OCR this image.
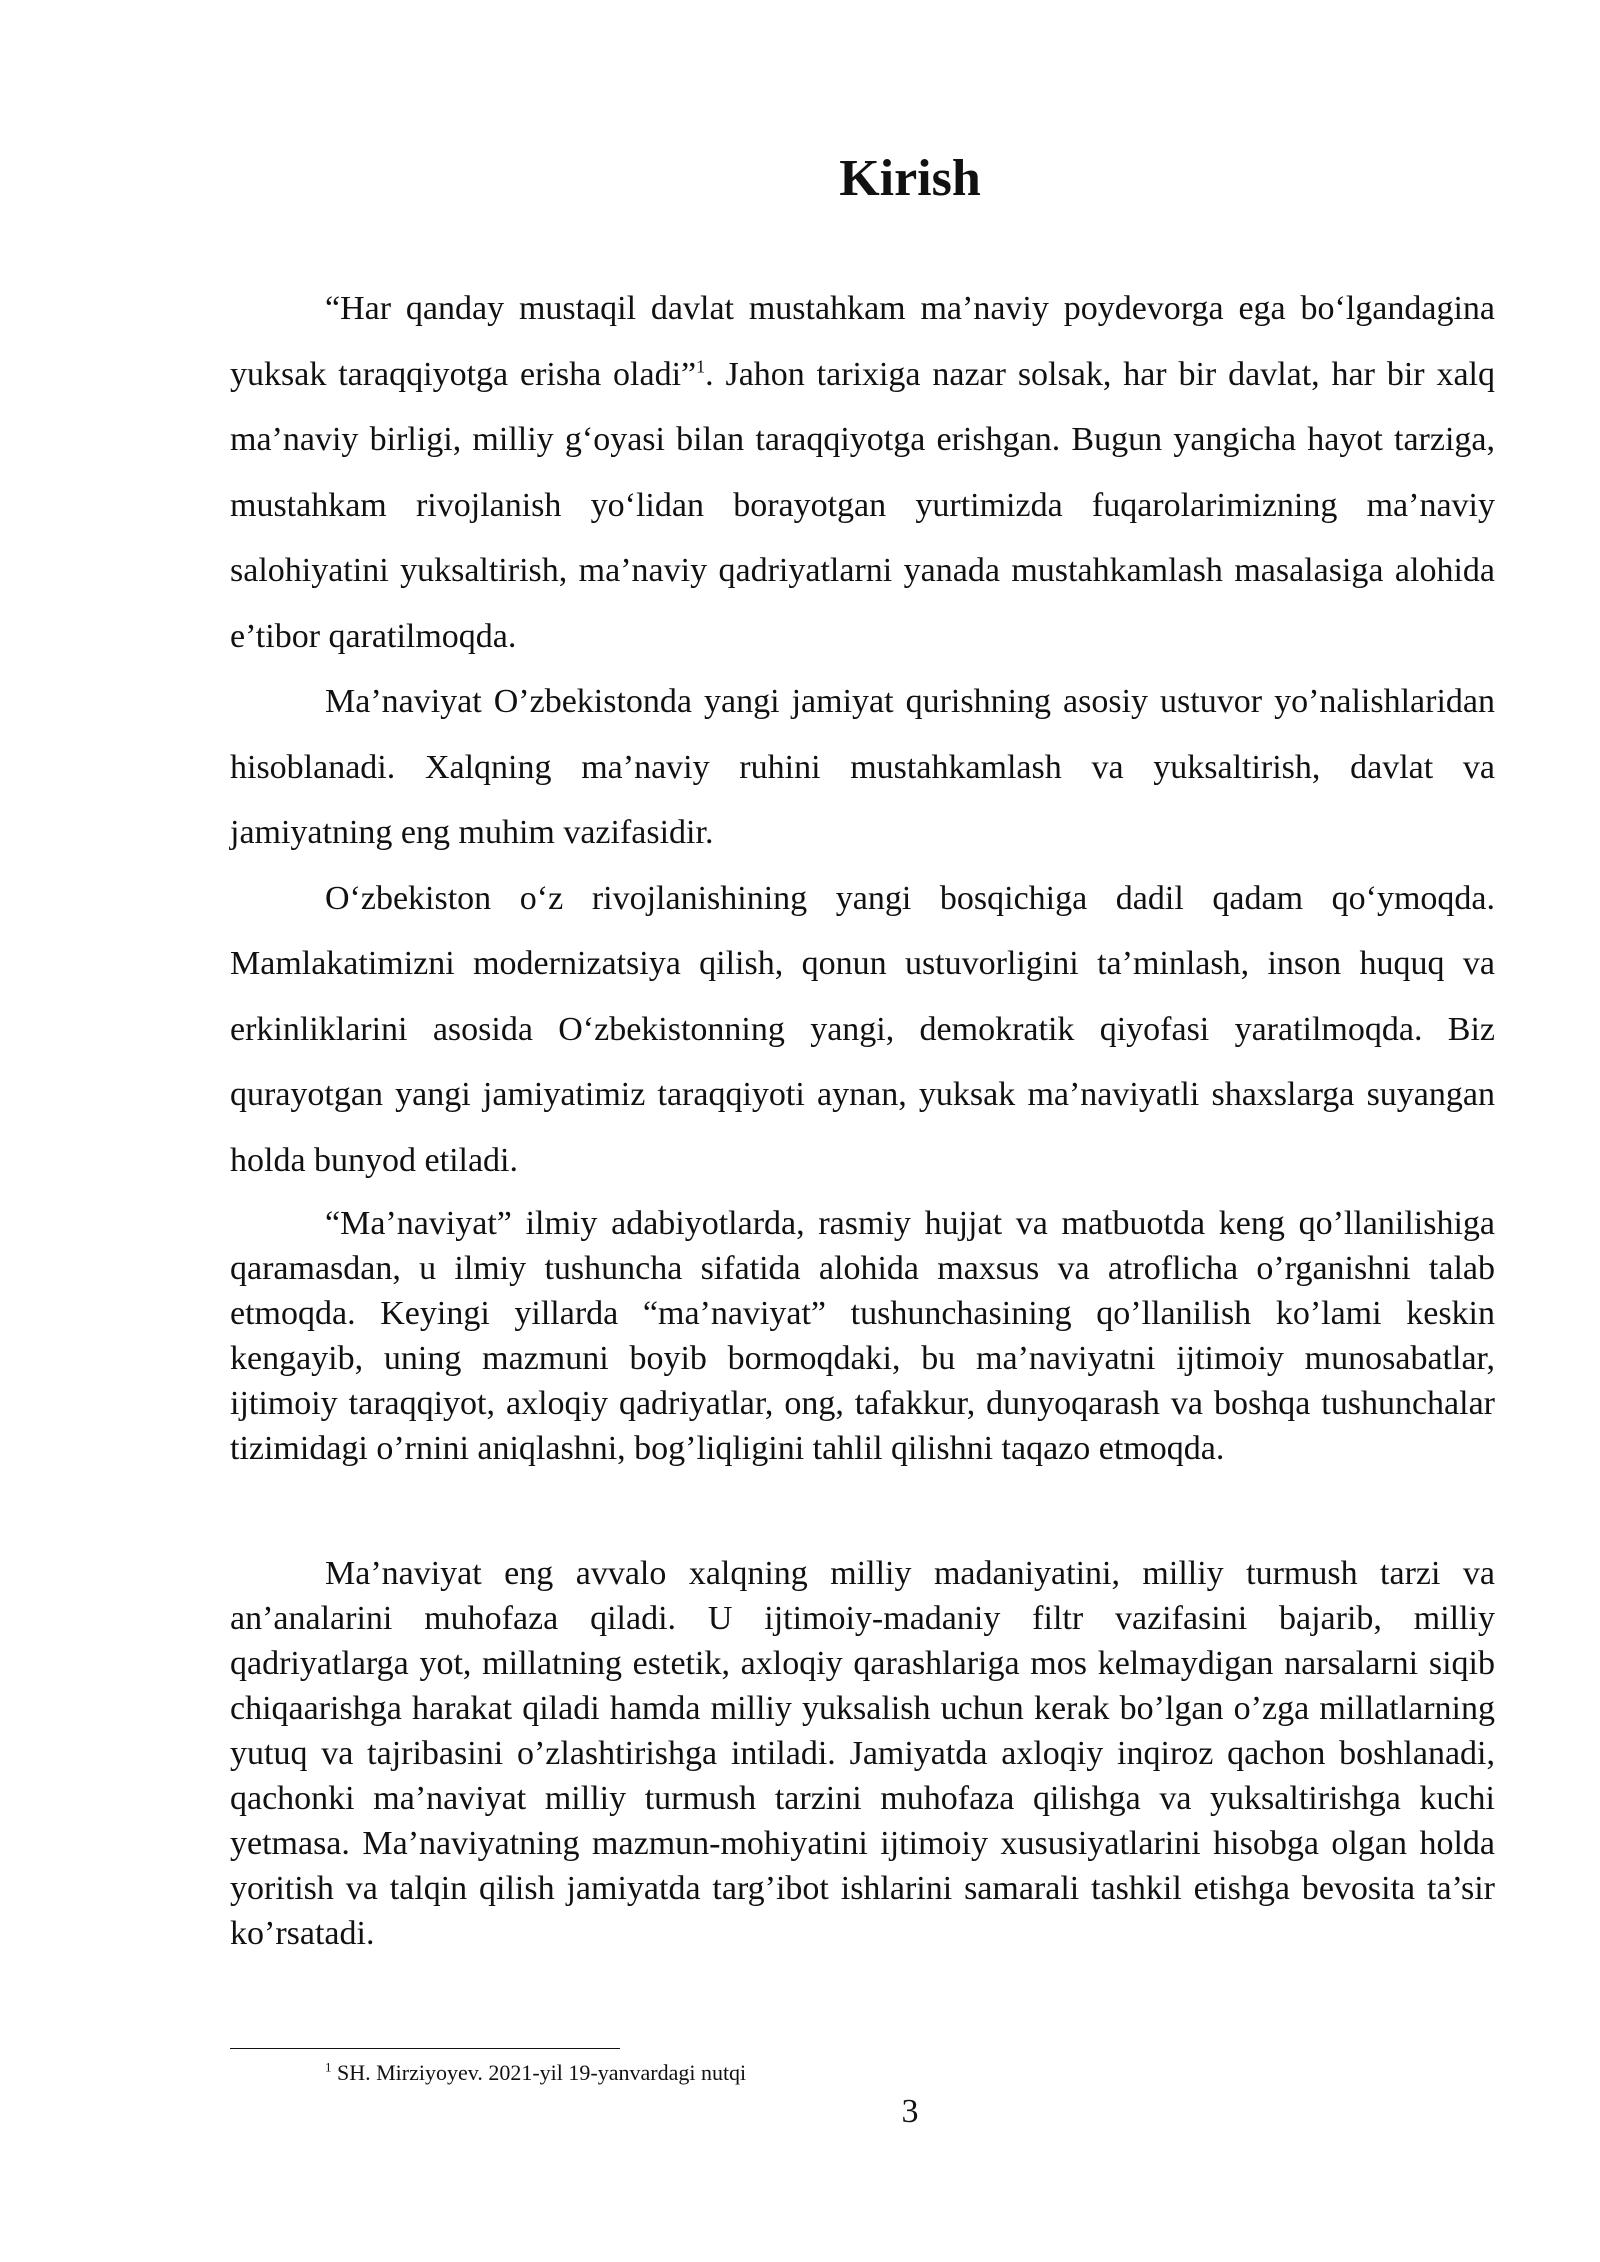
Kirish

“Har qanday mustaqil davlat mustahkam ma’naviy poydevorga ega bo‘lgandagina yuksak taraqqiyotga erisha oladi”$^1$. Jahon tarixiga nazar solsak, har bir davlat, har bir xalq ma’naviy birligi, milliy g‘oyasi bilan taraqqiyotga erishgan. Bugun yangicha hayot tarziga, mustahkam rivojlanish yo‘lidan borayotgan yurtimizda fuqarolarimizning ma’naviy salohiyatini yuksaltirish, ma’naviy qadriyatlarni yanada mustahkamlash masalasiga alohida e’tibor qaratilmoqda.

Ma’naviyat O’zbekistonda yangi jamiyat qurishning asosiy ustuvor yo’nalishlaridan hisoblanadi. Xalqning ma’naviy ruhini mustahkamlash va yuksaltirish, davlat va jamiyatning eng muhim vazifasidir.

O‘zbekiston o‘z rivojlanishining yangi bosqichiga dadil qadam qo‘ymoqda. Mamlakatimizni modernizatsiya qilish, qonun ustuvorligini ta’minlash, inson huquq va erkinliklarini asosida O‘zbekistonning yangi, demokratik qiyofasi yaratilmoqda. Biz qurayotgan yangi jamiyatimiz taraqqiyoti aynan, yuksak ma’naviyatli shaxslarga suyangan holda bunyod etiladi.

“Ma’naviyat” ilmiy adabiyotlarda, rasmiy hujjat va matbuotda keng qo’llanilishiga qaramasdan, u ilmiy tushuncha sifatida alohida maxsus va atroflicha o’rganishni talab etmoqda. Keyingi yillarda “ma’naviyat” tushunchasining qo’llanilish ko’lami keskin kengayib, uning mazmuni boyib bormoqdaki, bu ma’naviyatni ijtimoiy munosabatlar, ijtimoiy taraqqiyot, axloqiy qadriyatlar, ong, tafakkur, dunyoqarash va boshqa tushunchalar tizimidagi o’rnini aniqlashni, bog’liqligini tahlil qilishni taqazo etmoqda.

Ma’naviyat eng avvalo xalqning milliy madaniyatini, milliy turmush tarzi va an’analarini muhofaza qiladi. U ijtimoiy-madaniy filtr vazifasini bajarib, milliy qadriyatlarga yot, millatning estetik, axloqiy qarashlariga mos kelmaydigan narsalarni siqib chiqaarishga harakat qiladi hamda milliy yuksalish uchun kerak bo’lgan o’zga millatlarning yutuq va tajribasini o’zlashtirishga intiladi. Jamiyatda axloqiy inqiroz qachon boshlanadi, qachonki ma’naviyat milliy turmush tarzini muhofaza qilishga va yuksaltirishga kuchi yetmasa. Ma’naviyatning mazmun-mohiyatini ijtimoiy xususiyatlarini hisobga olgan holda yoritish va talqin qilish jamiyatda targ’ibot ishlarini samarali tashkil etishga bevosita ta’sir ko’rsatadi.

$^1$ SH. Mirziyoyev. 2021-yil 19-yanvardagi nutqi

3
